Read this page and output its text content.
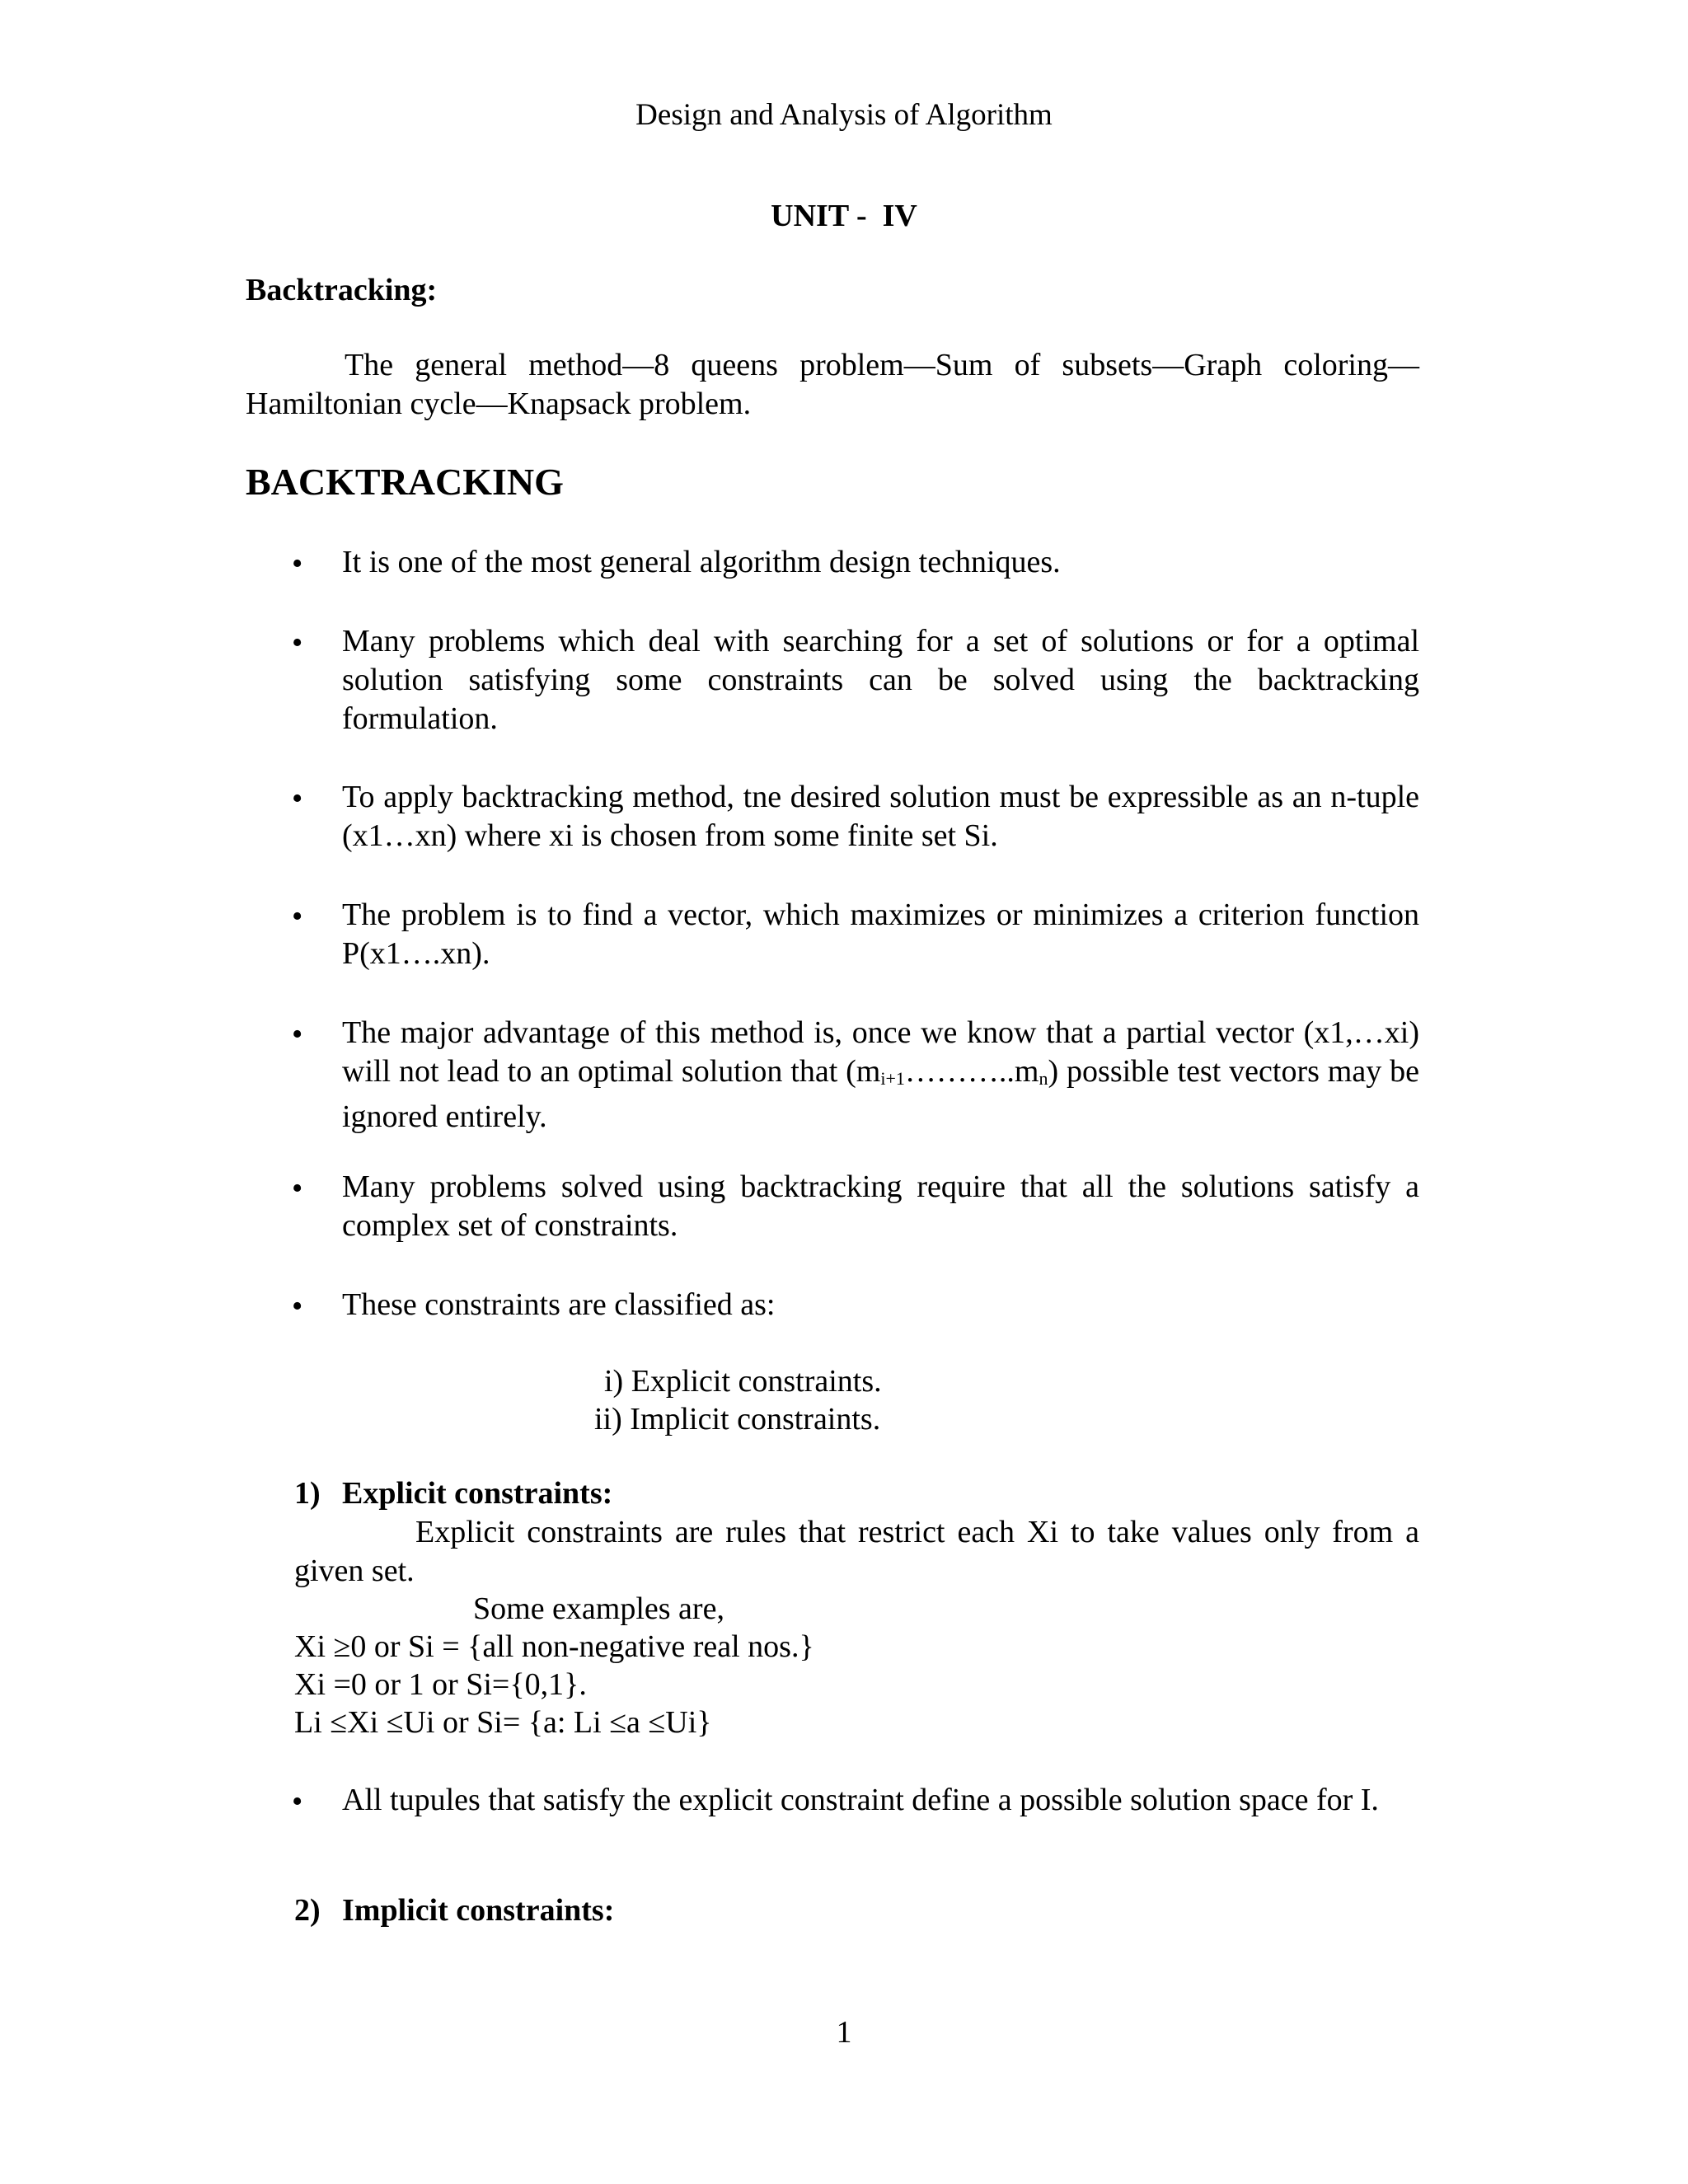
Design and Analysis of Algorithm
UNIT -  IV
Backtracking:
The general method—8 queens problem—Sum of subsets—Graph coloring—Hamiltonian cycle—Knapsack problem.
BACKTRACKING
• It is one of the most general algorithm design techniques.
• Many problems which deal with searching for a set of solutions or for a optimal solution satisfying some constraints can be solved using the backtracking formulation.
• To apply backtracking method, tne desired solution must be expressible as an n-tuple (x1…xn) where xi is chosen from some finite set Si.
• The problem is to find a vector, which maximizes or minimizes a criterion function P(x1….xn).
• The major advantage of this method is, once we know that a partial vector (x1,…xi) will not lead to an optimal solution that $(m_{i+1}\dots\dots\dots..m_n)$ possible test vectors may be ignored entirely.
• Many problems solved using backtracking require that all the solutions satisfy a complex set of constraints.
• These constraints are classified as:
i) Explicit constraints.
ii) Implicit constraints.
1) Explicit constraints:
Explicit constraints are rules that restrict each Xi to take values only from a given set.
Some examples are,
Xi ≥0 or Si = {all non-negative real nos.}
Xi =0 or 1 or Si={0,1}.
Li ≤Xi ≤Ui or Si= {a: Li ≤a ≤Ui}
• All tupules that satisfy the explicit constraint define a possible solution space for I.
2) Implicit constraints:
1
